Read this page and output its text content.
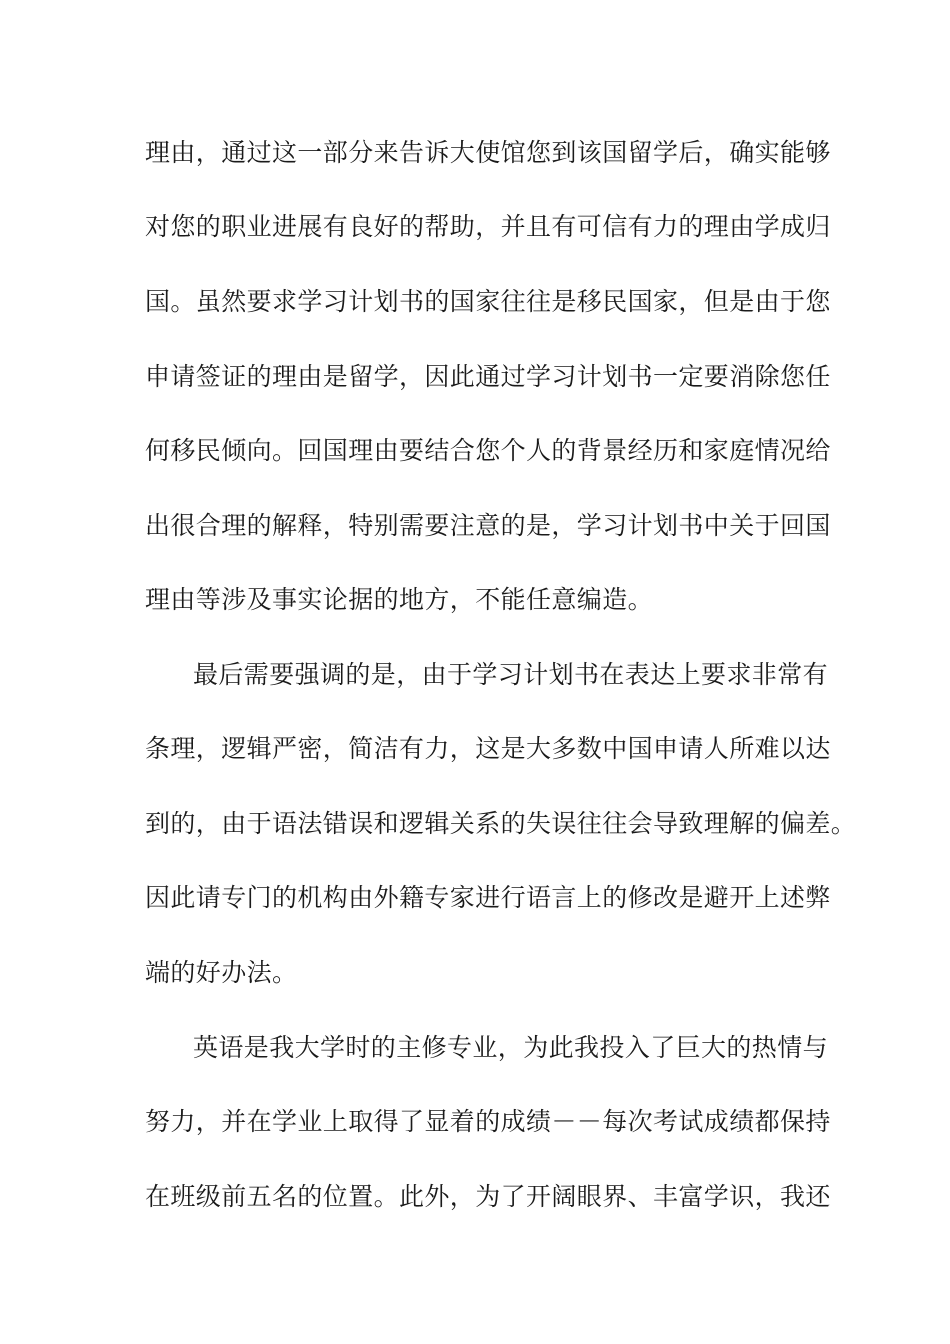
理由，通过这一部分来告诉大使馆您到该国留学后，确实能够
对您的职业进展有良好的帮助，并且有可信有力的理由学成归
国。虽然要求学习计划书的国家往往是移民国家，但是由于您
申请签证的理由是留学，因此通过学习计划书一定要消除您任
何移民倾向。回国理由要结合您个人的背景经历和家庭情况给
出很合理的解释，特别需要注意的是，学习计划书中关于回国
理由等涉及事实论据的地方，不能任意编造。
最后需要强调的是，由于学习计划书在表达上要求非常有
条理，逻辑严密，简洁有力，这是大多数中国申请人所难以达
到的，由于语法错误和逻辑关系的失误往往会导致理解的偏差。
因此请专门的机构由外籍专家进行语言上的修改是避开上述弊
端的好办法。
英语是我大学时的主修专业，为此我投入了巨大的热情与
努力，并在学业上取得了显着的成绩－－每次考试成绩都保持
在班级前五名的位置。此外，为了开阔眼界、丰富学识，我还
